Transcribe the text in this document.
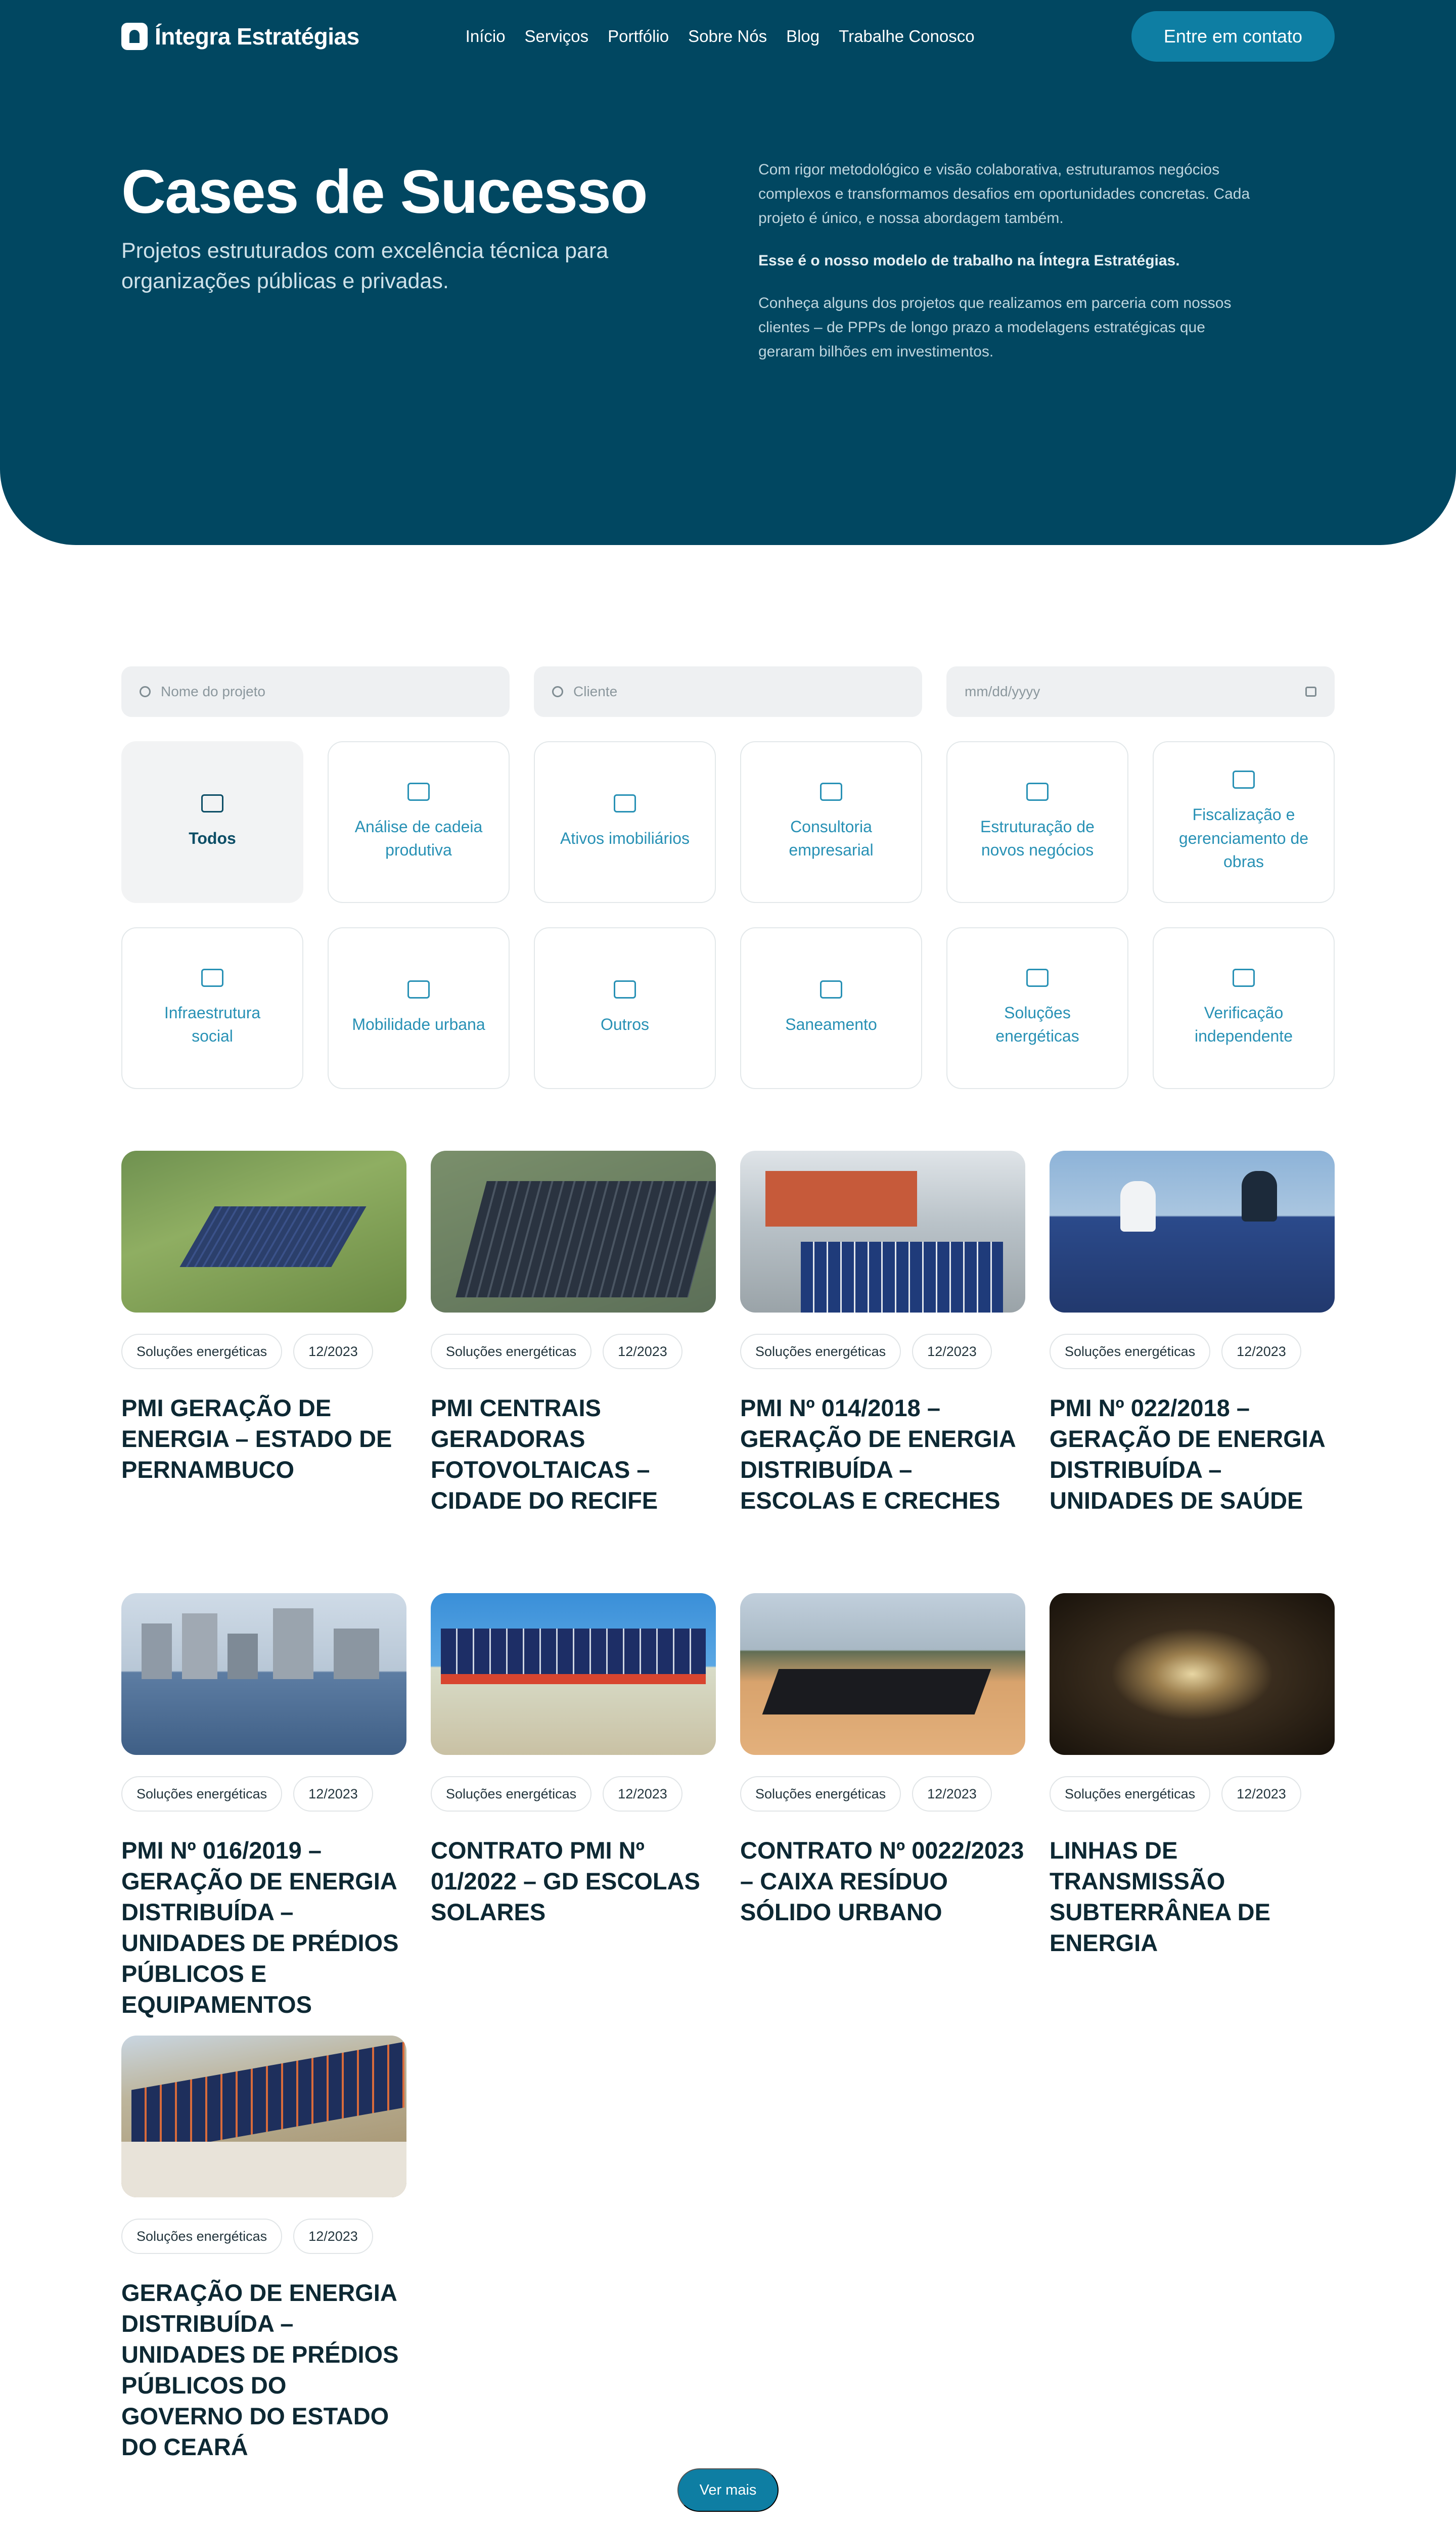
Íntegra Estratégias	Início Serviços Portfólio Sobre Nós Blog Trabalhe Conosco	Entre em contato
Cases de Sucesso

Projetos estruturados com excelência técnica para organizações públicas e privadas.

Com rigor metodológico e visão colaborativa, estruturamos negócios complexos e transformamos desafios em oportunidades concretas. Cada projeto é único, e nossa abordagem também.

Esse é o nosso modelo de trabalho na Íntegra Estratégias.

Conheça alguns dos projetos que realizamos em parceria com nossos clientes – de PPPs de longo prazo a modelagens estratégicas que geraram bilhões em investimentos.

Nome do projeto	Cliente	mm/dd/yyyy
Todos
Análise de cadeia produtiva
Ativos imobiliários
Consultoria empresarial
Estruturação de novos negócios
Fiscalização e gerenciamento de obras
Infraestrutura social
Mobilidade urbana	Outros	Saneamento
Soluções energéticas
Verificação independente
Soluções energéticas	12/2023
PMI GERAÇÃO DE ENERGIA – ESTADO DE PERNAMBUCO
Soluções energéticas	12/2023
PMI CENTRAIS GERADORAS FOTOVOLTAICAS – CIDADE DO RECIFE
Soluções energéticas	12/2023
PMI Nº 014/2018 – GERAÇÃO DE ENERGIA DISTRIBUÍDA – ESCOLAS E CRECHES
Soluções energéticas	12/2023
PMI Nº 022/2018 – GERAÇÃO DE ENERGIA DISTRIBUÍDA – UNIDADES DE SAÚDE
Soluções energéticas	12/2023
PMI Nº 016/2019 – GERAÇÃO DE ENERGIA DISTRIBUÍDA – UNIDADES DE PRÉDIOS PÚBLICOS E EQUIPAMENTOS
Soluções energéticas	12/2023
CONTRATO PMI Nº 01/2022 – GD ESCOLAS SOLARES
Soluções energéticas	12/2023
CONTRATO Nº 0022/2023 – CAIXA RESÍDUO SÓLIDO URBANO
Soluções energéticas	12/2023
LINHAS DE TRANSMISSÃO SUBTERRÂNEA DE ENERGIA
Soluções energéticas	12/2023
GERAÇÃO DE ENERGIA DISTRIBUÍDA – UNIDADES DE PRÉDIOS PÚBLICOS DO GOVERNO DO ESTADO DO CEARÁ
Ver mais
